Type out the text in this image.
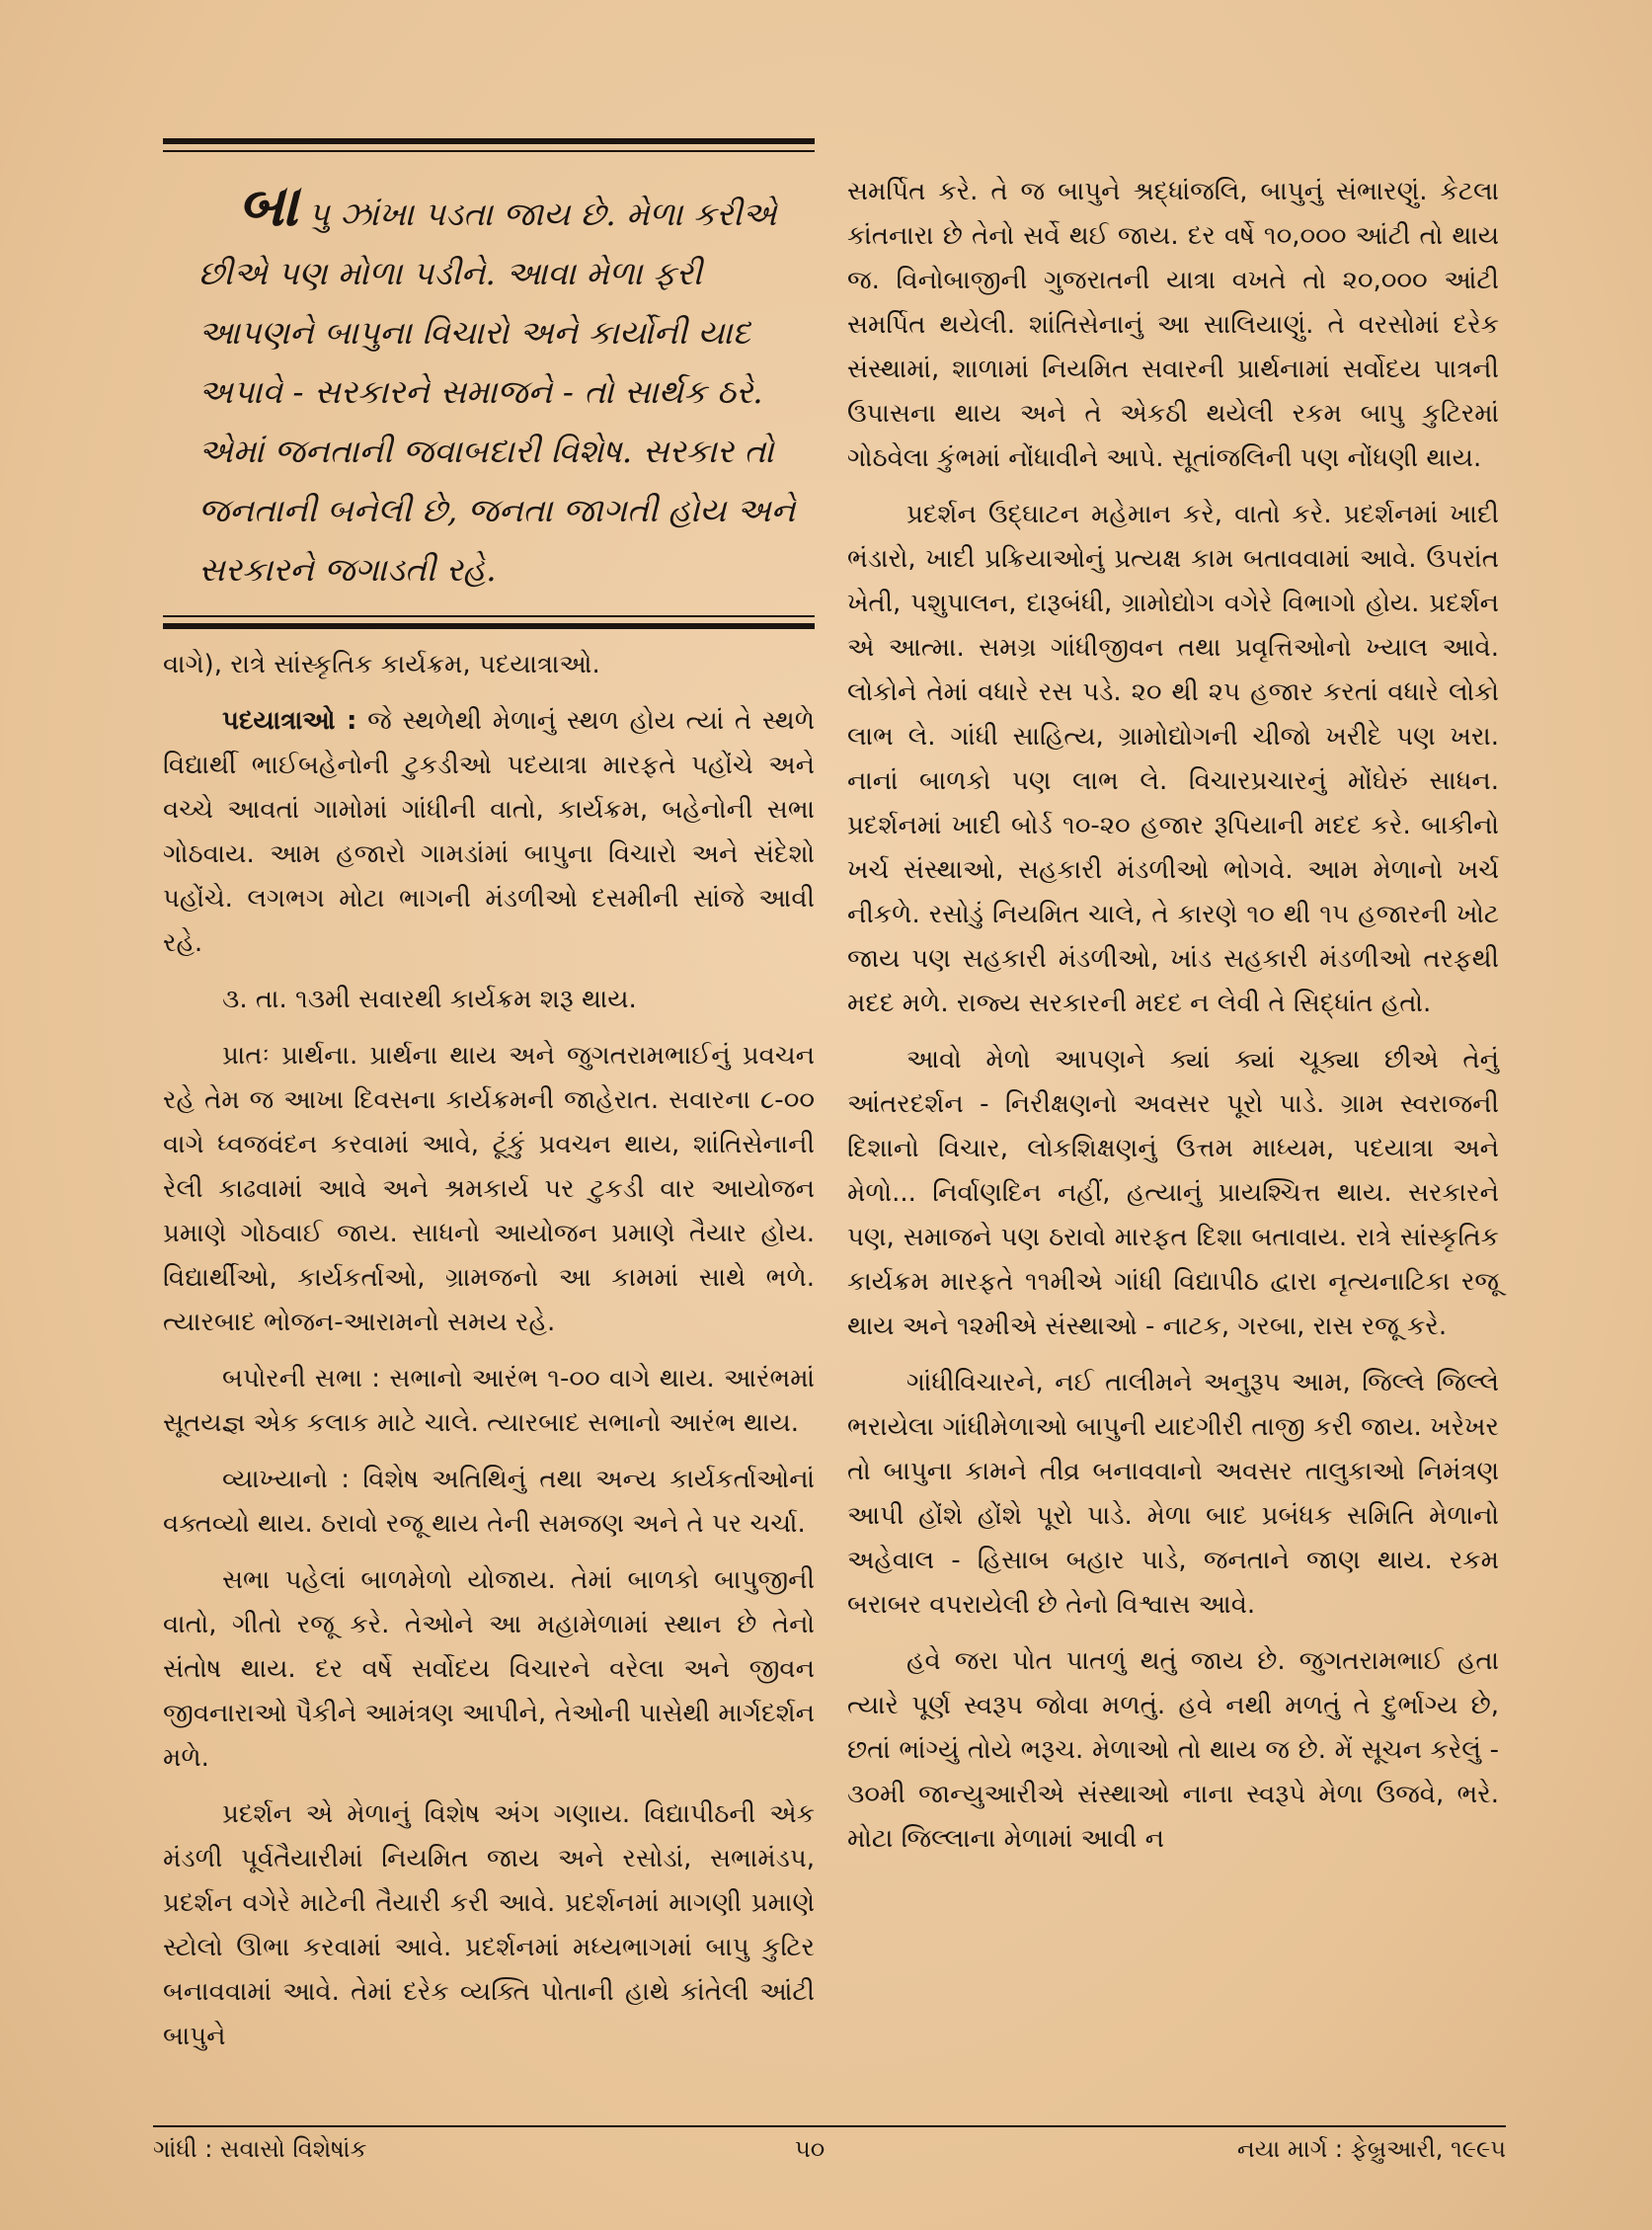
બા પુ ઝાંખા પડતા જાય છે. મેળા કરીએ છીએ પણ મોળા પડીને. આવા મેળા ફરી આપણને બાપુના વિચારો અને કાર્યોની યાદ અપાવે - સરકારને સમાજને - તો સાર્થક ઠરે. એમાં જનતાની જવાબદારી વિશેષ. સરકાર તો જનતાની બનેલી છે, જનતા જાગતી હોય અને સરકારને જગાડતી રહે.

વાગે), રાત્રે સાંસ્કૃતિક કાર્યક્રમ, પદયાત્રાઓ.

પદયાત્રાઓ : જે સ્થળેથી મેળાનું સ્થળ હોય ત્યાં તે સ્થળે વિદ્યાર્થી ભાઈબહેનોની ટુકડીઓ પદયાત્રા મારફતે પહોંચે અને વચ્ચે આવતાં ગામોમાં ગાંધીની વાતો, કાર્યક્રમ, બહેનોની સભા ગોઠવાય. આમ હજારો ગામડાંમાં બાપુના વિચારો અને સંદેશો પહોંચે. લગભગ મોટા ભાગની મંડળીઓ દસમીની સાંજે આવી રહે.

૩. તા. ૧૩મી સવારથી કાર્યક્રમ શરૂ થાય.

પ્રાતઃ પ્રાર્થના. પ્રાર્થના થાય અને જુગતરામભાઈનું પ્રવચન રહે તેમ જ આખા દિવસના કાર્યક્રમની જાહેરાત. સવારના ૮-૦૦ વાગે ધ્વજવંદન કરવામાં આવે, ટૂંકું પ્રવચન થાય, શાંતિસેનાની રેલી કાઢવામાં આવે અને શ્રમકાર્ય પર ટુકડી વાર આયોજન પ્રમાણે ગોઠવાઈ જાય. સાધનો આયોજન પ્રમાણે તૈયાર હોય. વિદ્યાર્થીઓ, કાર્યકર્તાઓ, ગ્રામજનો આ કામમાં સાથે ભળે. ત્યારબાદ ભોજન-આરામનો સમય રહે.

બપોરની સભા : સભાનો આરંભ ૧-૦૦ વાગે થાય. આરંભમાં સૂતયજ્ઞ એક કલાક માટે ચાલે. ત્યારબાદ સભાનો આરંભ થાય.

વ્યાખ્યાનો : વિશેષ અતિથિનું તથા અન્ય કાર્યકર્તાઓનાં વક્તવ્યો થાય. ઠરાવો રજૂ થાય તેની સમજણ અને તે પર ચર્ચા.

સભા પહેલાં બાળમેળો યોજાય. તેમાં બાળકો બાપુજીની વાતો, ગીતો રજૂ કરે. તેઓને આ મહામેળામાં સ્થાન છે તેનો સંતોષ થાય. દર વર્ષે સર્વોદય વિચારને વરેલા અને જીવન જીવનારાઓ પૈકીને આમંત્રણ આપીને, તેઓની પાસેથી માર્ગદર્શન મળે.

પ્રદર્શન એ મેળાનું વિશેષ અંગ ગણાય. વિદ્યાપીઠની એક મંડળી પૂર્વતૈયારીમાં નિયમિત જાય અને રસોડાં, સભામંડપ, પ્રદર્શન વગેરે માટેની તૈયારી કરી આવે. પ્રદર્શનમાં માગણી પ્રમાણે સ્ટોલો ઊભા કરવામાં આવે. પ્રદર્શનમાં મધ્યભાગમાં બાપુ કુટિર બનાવવામાં આવે. તેમાં દરેક વ્યક્તિ પોતાની હાથે કાંતેલી આંટી બાપુને

સમર્પિત કરે. તે જ બાપુને શ્રદ્ધાંજલિ, બાપુનું સંભારણું. કેટલા કાંતનારા છે તેનો સર્વે થઈ જાય. દર વર્ષે ૧૦,૦૦૦ આંટી તો થાય જ. વિનોબાજીની ગુજરાતની યાત્રા વખતે તો ૨૦,૦૦૦ આંટી સમર્પિત થયેલી. શાંતિસેનાનું આ સાલિયાણું. તે વરસોમાં દરેક સંસ્થામાં, શાળામાં નિયમિત સવારની પ્રાર્થનામાં સર્વોદય પાત્રની ઉપાસના થાય અને તે એકઠી થયેલી રકમ બાપુ કુટિરમાં ગોઠવેલા કુંભમાં નોંધાવીને આપે. સૂતાંજલિની પણ નોંધણી થાય.

પ્રદર્શન ઉદ્‌ઘાટન મહેમાન કરે, વાતો કરે. પ્રદર્શનમાં ખાદી ભંડારો, ખાદી પ્રક્રિયાઓનું પ્રત્યક્ષ કામ બતાવવામાં આવે. ઉપરાંત ખેતી, પશુપાલન, દારૂબંધી, ગ્રામોદ્યોગ વગેરે વિભાગો હોય. પ્રદર્શન એ આત્મા. સમગ્ર ગાંધીજીવન તથા પ્રવૃત્તિઓનો ખ્યાલ આવે. લોકોને તેમાં વધારે રસ પડે. ૨૦ થી ૨૫ હજાર કરતાં વધારે લોકો લાભ લે. ગાંધી સાહિત્ય, ગ્રામોદ્યોગની ચીજો ખરીદે પણ ખરા. નાનાં બાળકો પણ લાભ લે. વિચારપ્રચારનું મોંઘેરું સાધન. પ્રદર્શનમાં ખાદી બોર્ડ ૧૦-૨૦ હજાર રૂપિયાની મદદ કરે. બાકીનો ખર્ચ સંસ્થાઓ, સહકારી મંડળીઓ ભોગવે. આમ મેળાનો ખર્ચ નીકળે. રસોડું નિયમિત ચાલે, તે કારણે ૧૦ થી ૧૫ હજારની ખોટ જાય પણ સહકારી મંડળીઓ, ખાંડ સહકારી મંડળીઓ તરફથી મદદ મળે. રાજ્ય સરકારની મદદ ન લેવી તે સિદ્ધાંત હતો.

આવો મેળો આપણને ક્યાં ક્યાં ચૂક્યા છીએ તેનું આંતરદર્શન - નિરીક્ષણનો અવસર પૂરો પાડે. ગ્રામ સ્વરાજની દિશાનો વિચાર, લોકશિક્ષણનું ઉત્તમ માધ્યમ, પદયાત્રા અને મેળો... નિર્વાણદિન નહીં, હત્યાનું પ્રાયશ્ચિત્ત થાય. સરકારને પણ, સમાજને પણ ઠરાવો મારફત દિશા બતાવાય. રાત્રે સાંસ્કૃતિક કાર્યક્રમ મારફતે ૧૧મીએ ગાંધી વિદ્યાપીઠ દ્વારા નૃત્યનાટિકા રજૂ થાય અને ૧૨મીએ સંસ્થાઓ - નાટક, ગરબા, રાસ રજૂ કરે.

ગાંધીવિચારને, નઈ તાલીમને અનુરૂપ આમ, જિલ્લે જિલ્લે ભરાયેલા ગાંધીમેળાઓ બાપુની યાદગીરી તાજી કરી જાય. ખરેખર તો બાપુના કામને તીવ્ર બનાવવાનો અવસર તાલુકાઓ નિમંત્રણ આપી હોંશે હોંશે પૂરો પાડે. મેળા બાદ પ્રબંધક સમિતિ મેળાનો અહેવાલ - હિસાબ બહાર પાડે, જનતાને જાણ થાય. રકમ બરાબર વપરાયેલી છે તેનો વિશ્વાસ આવે.

હવે જરા પોત પાતળું થતું જાય છે. જુગતરામભાઈ હતા ત્યારે પૂર્ણ સ્વરૂપ જોવા મળતું. હવે નથી મળતું તે દુર્ભાગ્ય છે, છતાં ભાંગ્યું તોયે ભરૂચ. મેળાઓ તો થાય જ છે. મેં સૂચન કરેલું - ૩૦મી જાન્યુઆરીએ સંસ્થાઓ નાના સ્વરૂપે મેળા ઉજવે, ભરે. મોટા જિલ્લાના મેળામાં આવી ન

ગાંધી : સવાસો વિશેષાંક	૫૦	નયા માર્ગ : ફેબ્રુઆરી, ૧૯૯૫
